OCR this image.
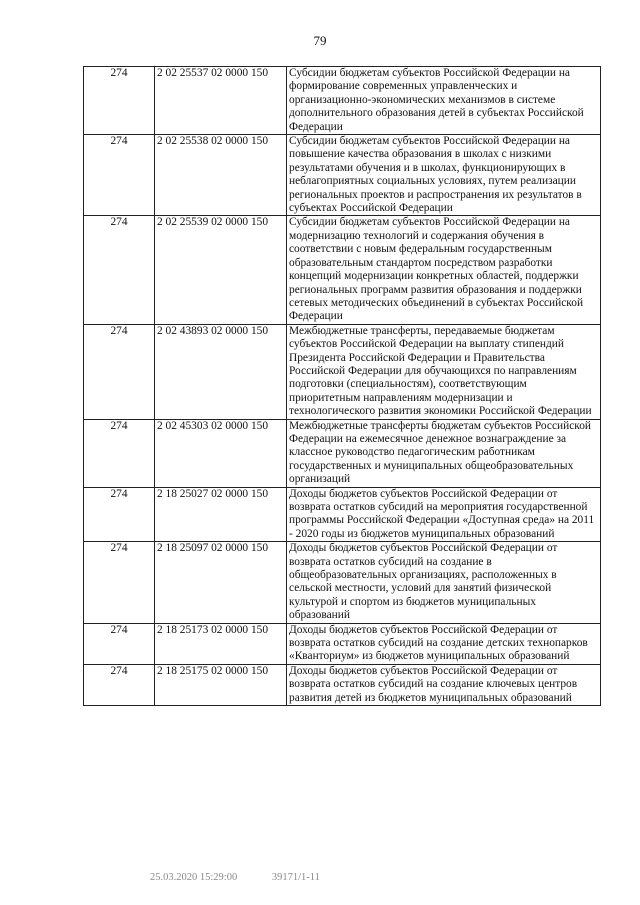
79
274	2 02 25537 02 0000 150	Субсидии бюджетам субъектов Российской Федерации на формирование современных управленческих и организационно-экономических механизмов в системе дополнительного образования детей в субъектах Российской Федерации
274	2 02 25538 02 0000 150	Субсидии бюджетам субъектов Российской Федерации на повышение качества образования в школах с низкими результатами обучения и в школах, функционирующих в неблагоприятных социальных условиях, путем реализации региональных проектов и распространения их результатов в субъектах Российской Федерации
274	2 02 25539 02 0000 150	Субсидии бюджетам субъектов Российской Федерации на модернизацию технологий и содержания обучения в соответствии с новым федеральным государственным образовательным стандартом посредством разработки концепций модернизации конкретных областей, поддержки региональных программ развития образования и поддержки сетевых методических объединений в субъектах Российской Федерации
274	2 02 43893 02 0000 150	Межбюджетные трансферты, передаваемые бюджетам субъектов Российской Федерации на выплату стипендий Президента Российской Федерации и Правительства Российской Федерации для обучающихся по направлениям подготовки (специальностям), соответствующим приоритетным направлениям модернизации и технологического развития экономики Российской Федерации
274	2 02 45303 02 0000 150	Межбюджетные трансферты бюджетам субъектов Российской Федерации на ежемесячное денежное вознаграждение за классное руководство педагогическим работникам государственных и муниципальных общеобразовательных организаций
274	2 18 25027 02 0000 150	Доходы бюджетов субъектов Российской Федерации от возврата остатков субсидий на мероприятия государственной программы Российской Федерации «Доступная среда» на 2011 - 2020 годы из бюджетов муниципальных образований
274	2 18 25097 02 0000 150	Доходы бюджетов субъектов Российской Федерации от возврата остатков субсидий на создание в общеобразовательных организациях, расположенных в сельской местности, условий для занятий физической культурой и спортом из бюджетов муниципальных образований
274	2 18 25173 02 0000 150	Доходы бюджетов субъектов Российской Федерации от возврата остатков субсидий на создание детских технопарков «Кванториум» из бюджетов муниципальных образований
274	2 18 25175 02 0000 150	Доходы бюджетов субъектов Российской Федерации от возврата остатков субсидий на создание ключевых центров развития детей из бюджетов муниципальных образований
25.03.2020 15:29:00	39171/1-11
